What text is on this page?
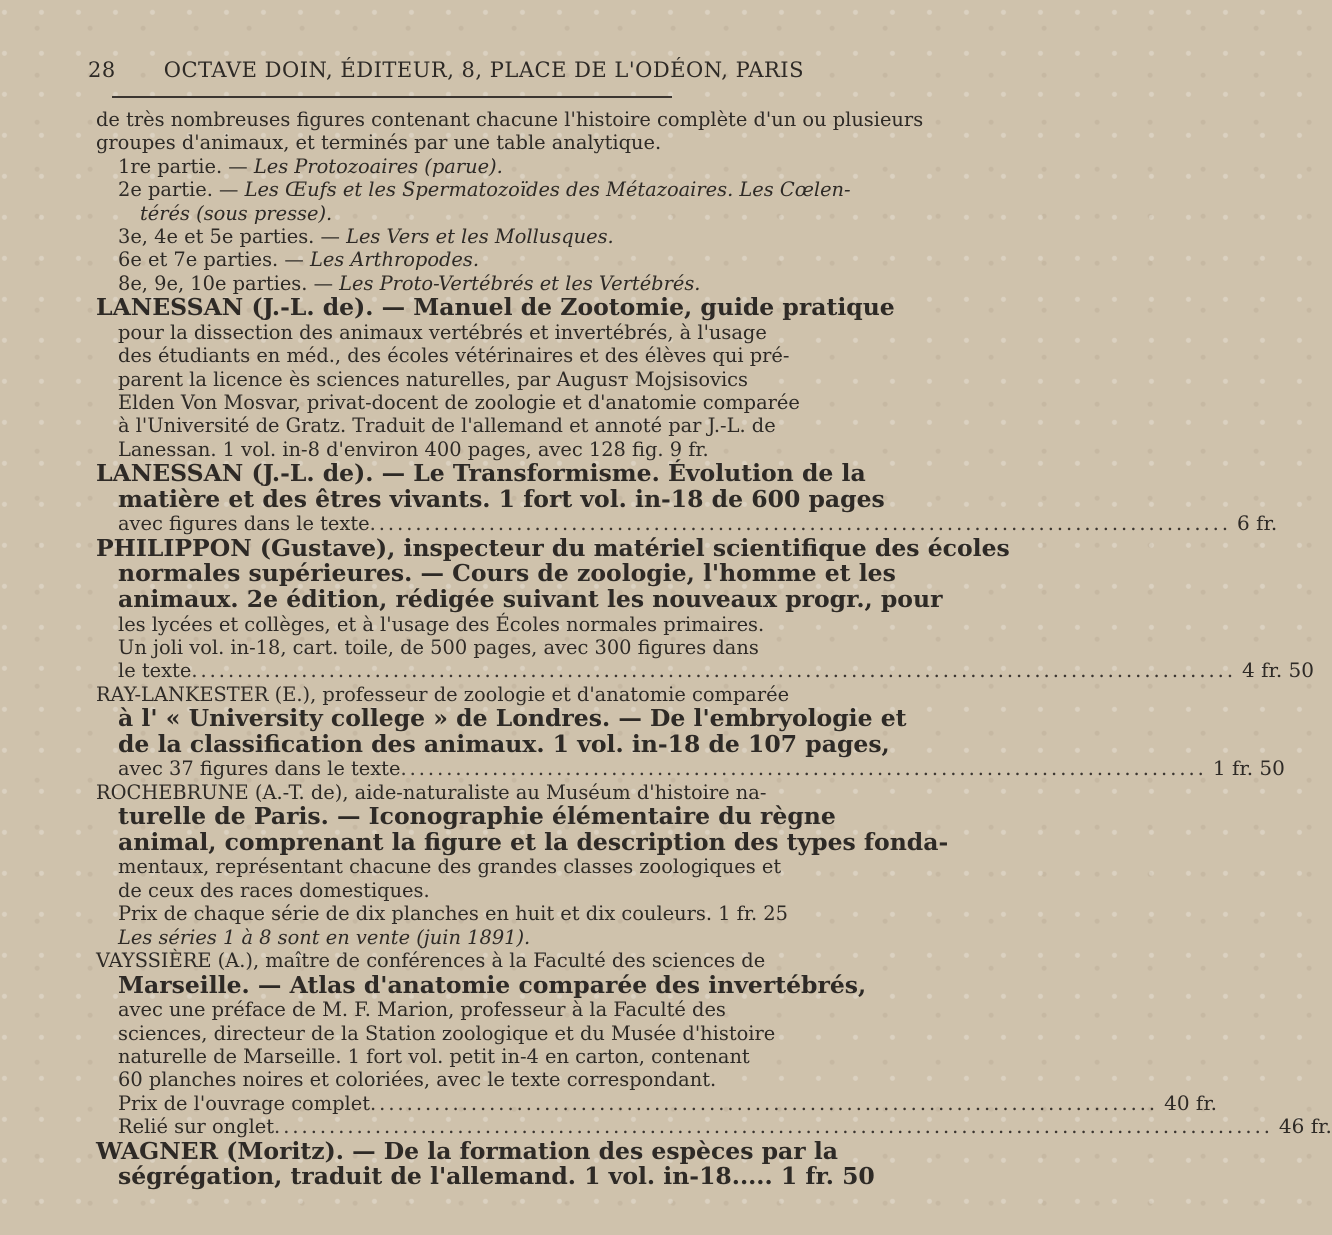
28 OCTAVE DOIN, ÉDITEUR, 8, PLACE DE L'ODÉON, PARIS
de très nombreuses figures contenant chacune l'histoire complète d'un ou plusieurs
groupes d'animaux, et terminés par une table analytique.
1re partie. — Les Protozoaires (parue).
2e partie. — Les Œufs et les Spermatozoïdes des Métazoaires. Les Cœlen-
térés (sous presse).
3e, 4e et 5e parties. — Les Vers et les Mollusques.
6e et 7e parties. — Les Arthropodes.
8e, 9e, 10e parties. — Les Proto-Vertébrés et les Vertébrés.
LANESSAN (J.-L. de). — Manuel de Zootomie, guide pratique
pour la dissection des animaux vertébrés et invertébrés, à l'usage
des étudiants en méd., des écoles vétérinaires et des élèves qui pré-
parent la licence ès sciences naturelles, par Augusт Mojsisovics
Elden Von Mosvar, privat-docent de zoologie et d'anatomie comparée
à l'Université de Gratz. Traduit de l'allemand et annoté par J.-L. de
Lanessan. 1 vol. in-8 d'environ 400 pages, avec 128 fig. 9 fr.
LANESSAN (J.-L. de). — Le Transformisme. Évolution de la
matière et des êtres vivants. 1 fort vol. in-18 de 600 pages
avec figures dans le texte .............................................................................................. 6 fr.
PHILIPPON (Gustave), inspecteur du matériel scientifique des écoles
normales supérieures. — Cours de zoologie, l'homme et les
animaux. 2e édition, rédigée suivant les nouveaux progr., pour
les lycées et collèges, et à l'usage des Écoles normales primaires.
Un joli vol. in-18, cart. toile, de 500 pages, avec 300 figures dans
le texte .................................................................................................................. 4 fr. 50
RAY-LANKESTER (E.), professeur de zoologie et d'anatomie comparée
à l' « University college » de Londres. — De l'embryologie et
de la classification des animaux. 1 vol. in-18 de 107 pages,
avec 37 figures dans le texte ........................................................................................ 1 fr. 50
ROCHEBRUNE (A.-T. de), aide-naturaliste au Muséum d'histoire na-
turelle de Paris. — Iconographie élémentaire du règne
animal, comprenant la figure et la description des types fonda-
mentaux, représentant chacune des grandes classes zoologiques et
de ceux des races domestiques.
Prix de chaque série de dix planches en huit et dix couleurs. 1 fr. 25
Les séries 1 à 8 sont en vente (juin 1891).
VAYSSIÈRE (A.), maître de conférences à la Faculté des sciences de
Marseille. — Atlas d'anatomie comparée des invertébrés,
avec une préface de M. F. Marion, professeur à la Faculté des
sciences, directeur de la Station zoologique et du Musée d'histoire
naturelle de Marseille. 1 fort vol. petit in-4 en carton, contenant
60 planches noires et coloriées, avec le texte correspondant.
Prix de l'ouvrage complet ...................................................................................... 40 fr.
Relié sur onglet ............................................................................................................. 46 fr.
WAGNER (Moritz). — De la formation des espèces par la
ségrégation, traduit de l'allemand. 1 vol. in-18..... 1 fr. 50
